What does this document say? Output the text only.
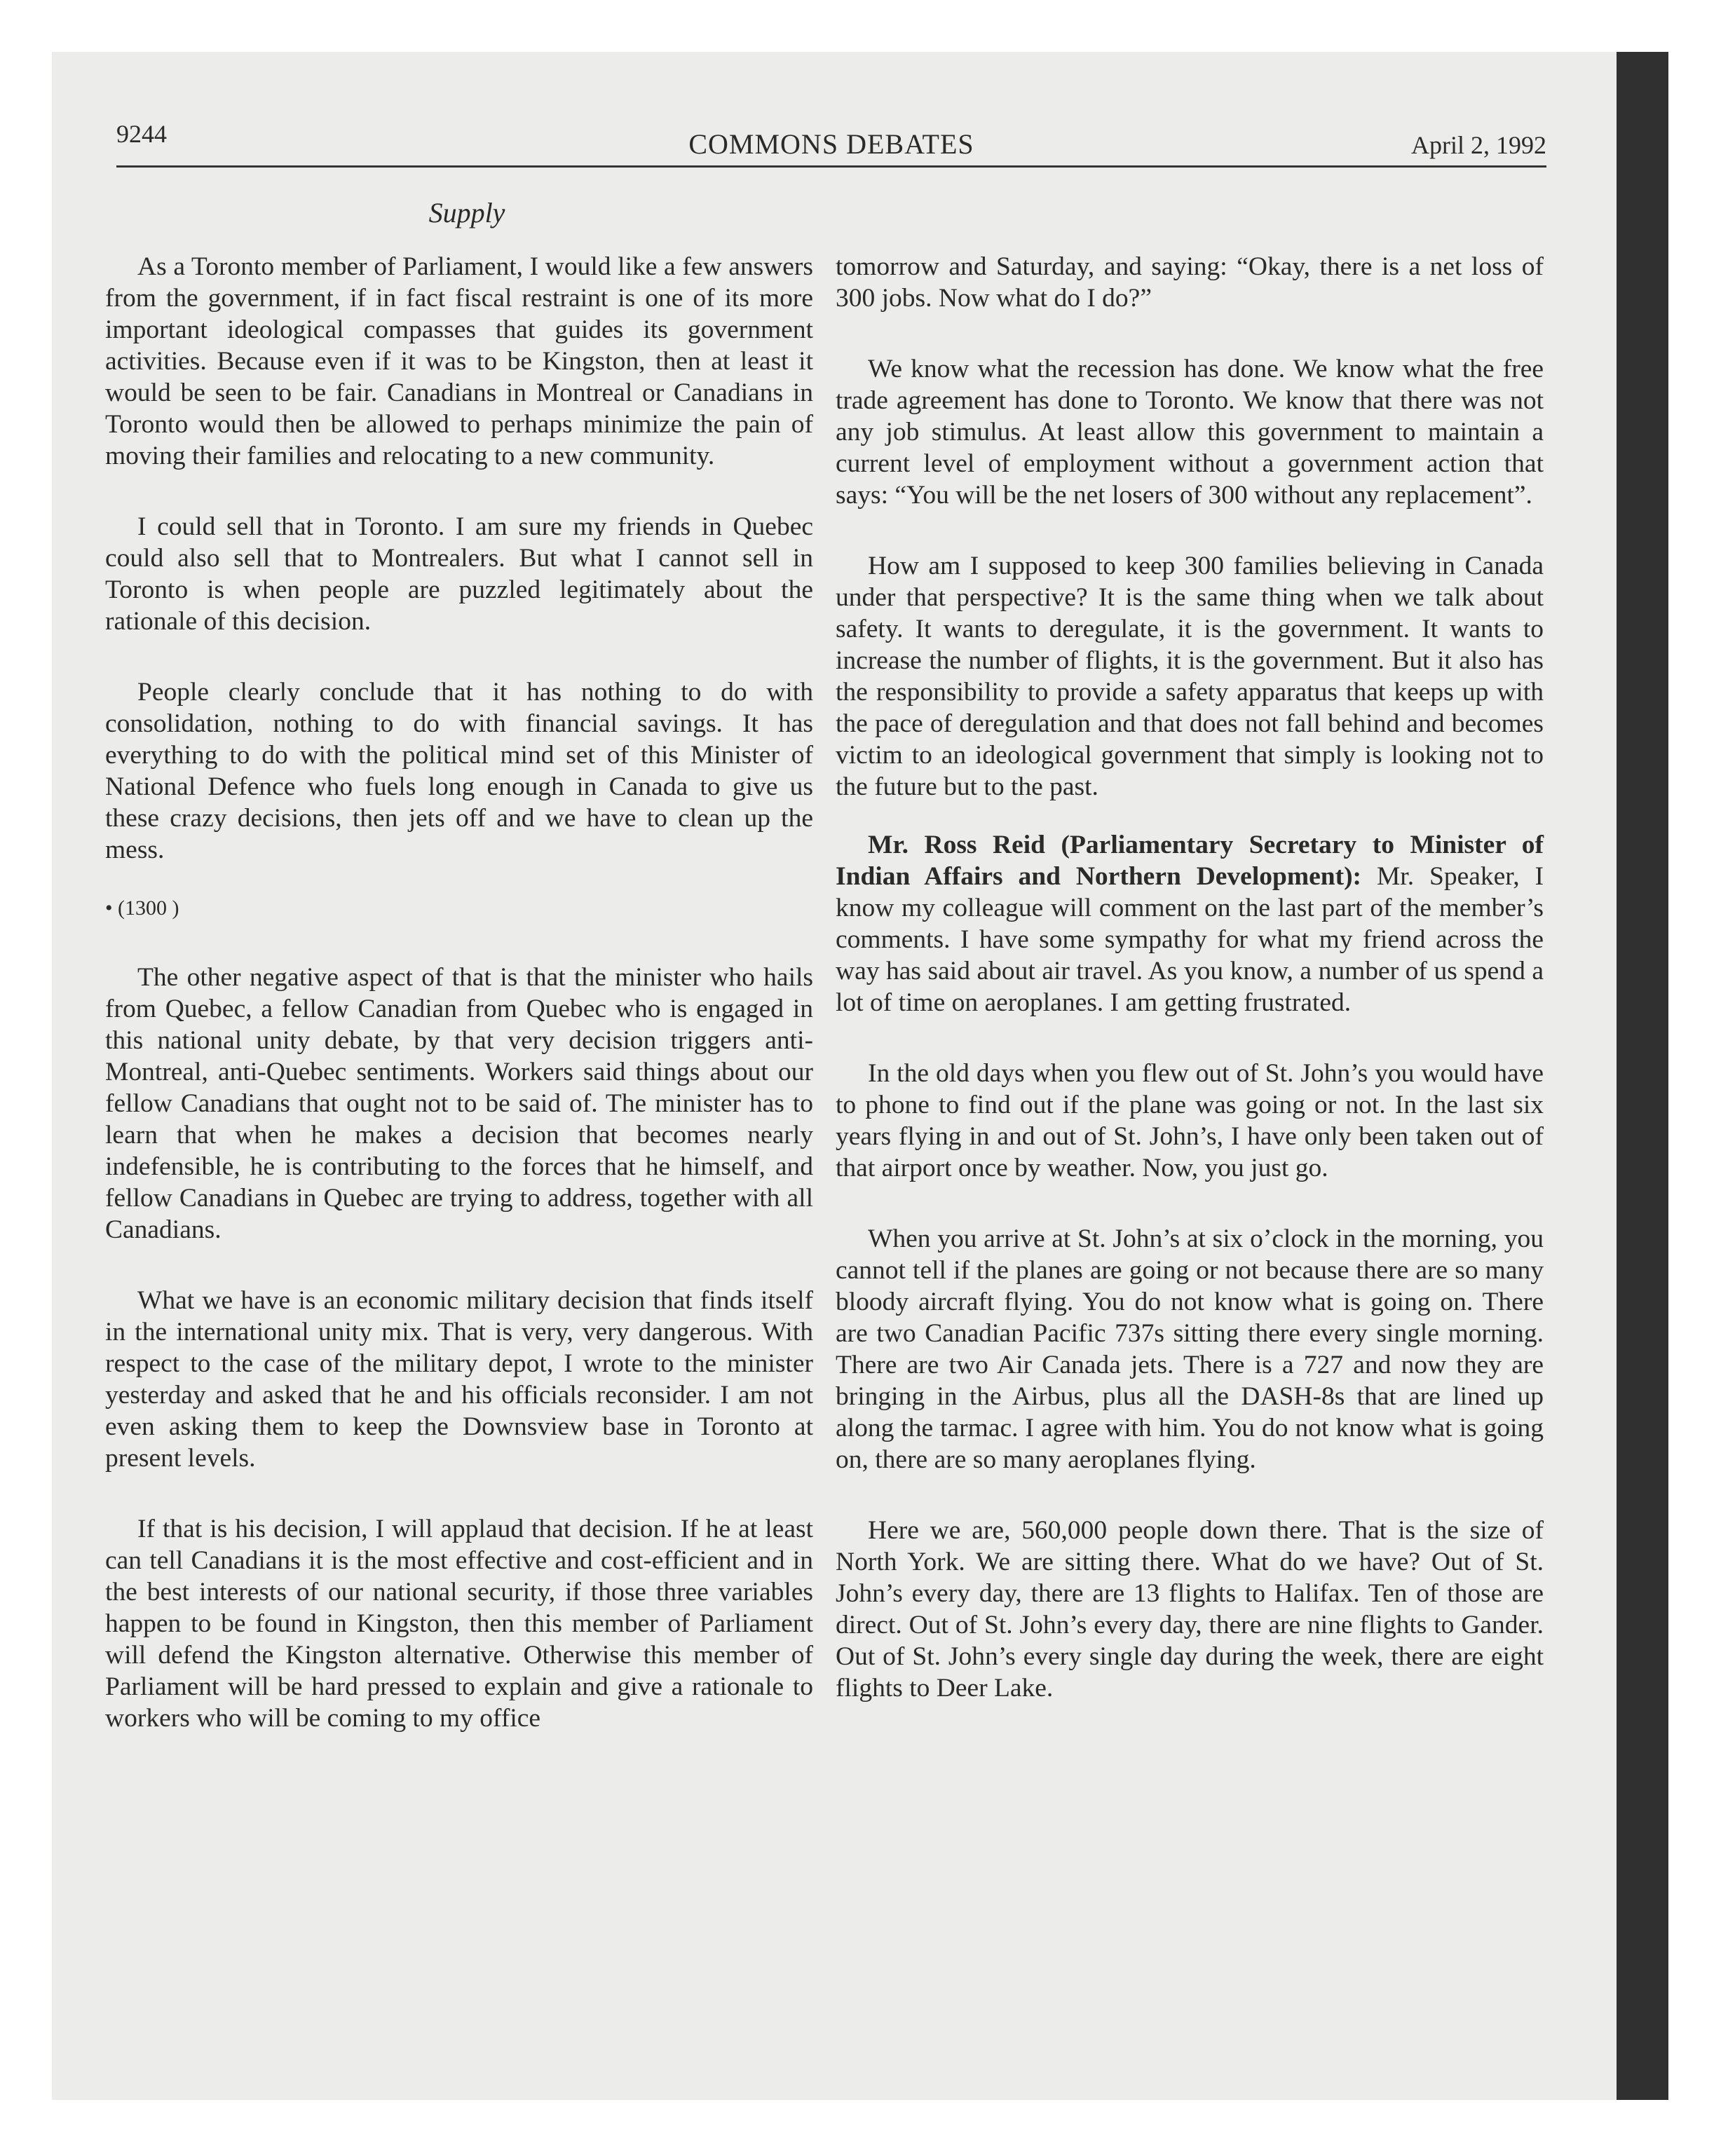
9244	COMMONS DEBATES	April 2, 1992
Supply

As a Toronto member of Parliament, I would like a few answers from the government, if in fact fiscal restraint is one of its more important ideological compasses that guides its government activities. Because even if it was to be Kingston, then at least it would be seen to be fair. Canadians in Montreal or Canadians in Toronto would then be allowed to perhaps minimize the pain of moving their families and relocating to a new community.

I could sell that in Toronto. I am sure my friends in Quebec could also sell that to Montrealers. But what I cannot sell in Toronto is when people are puzzled legitimately about the rationale of this decision.

People clearly conclude that it has nothing to do with consolidation, nothing to do with financial savings. It has everything to do with the political mind set of this Minister of National Defence who fuels long enough in Canada to give us these crazy decisions, then jets off and we have to clean up the mess.

• (1300 )

The other negative aspect of that is that the minister who hails from Quebec, a fellow Canadian from Quebec who is engaged in this national unity debate, by that very decision triggers anti-Montreal, anti-Quebec sentiments. Workers said things about our fellow Canadians that ought not to be said of. The minister has to learn that when he makes a decision that becomes nearly indefensible, he is contributing to the forces that he himself, and fellow Canadians in Quebec are trying to address, together with all Canadians.

What we have is an economic military decision that finds itself in the international unity mix. That is very, very dangerous. With respect to the case of the military depot, I wrote to the minister yesterday and asked that he and his officials reconsider. I am not even asking them to keep the Downsview base in Toronto at present levels.

If that is his decision, I will applaud that decision. If he at least can tell Canadians it is the most effective and cost-efficient and in the best interests of our national security, if those three variables happen to be found in Kingston, then this member of Parliament will defend the Kingston alternative. Otherwise this member of Parliament will be hard pressed to explain and give a rationale to workers who will be coming to my office

tomorrow and Saturday, and saying: “Okay, there is a net loss of 300 jobs. Now what do I do?”

We know what the recession has done. We know what the free trade agreement has done to Toronto. We know that there was not any job stimulus. At least allow this government to maintain a current level of employment without a government action that says: “You will be the net losers of 300 without any replacement”.

How am I supposed to keep 300 families believing in Canada under that perspective? It is the same thing when we talk about safety. It wants to deregulate, it is the government. It wants to increase the number of flights, it is the government. But it also has the responsibility to provide a safety apparatus that keeps up with the pace of deregulation and that does not fall behind and becomes victim to an ideological government that simply is looking not to the future but to the past.

Mr. Ross Reid (Parliamentary Secretary to Minister of Indian Affairs and Northern Development): Mr. Speaker, I know my colleague will comment on the last part of the member’s comments. I have some sympathy for what my friend across the way has said about air travel. As you know, a number of us spend a lot of time on aeroplanes. I am getting frustrated.

In the old days when you flew out of St. John’s you would have to phone to find out if the plane was going or not. In the last six years flying in and out of St. John’s, I have only been taken out of that airport once by weather. Now, you just go.

When you arrive at St. John’s at six o’clock in the morning, you cannot tell if the planes are going or not because there are so many bloody aircraft flying. You do not know what is going on. There are two Canadian Pacific 737s sitting there every single morning. There are two Air Canada jets. There is a 727 and now they are bringing in the Airbus, plus all the DASH-8s that are lined up along the tarmac. I agree with him. You do not know what is going on, there are so many aeroplanes flying.

Here we are, 560,000 people down there. That is the size of North York. We are sitting there. What do we have? Out of St. John’s every day, there are 13 flights to Halifax. Ten of those are direct. Out of St. John’s every day, there are nine flights to Gander. Out of St. John’s every single day during the week, there are eight flights to Deer Lake.
